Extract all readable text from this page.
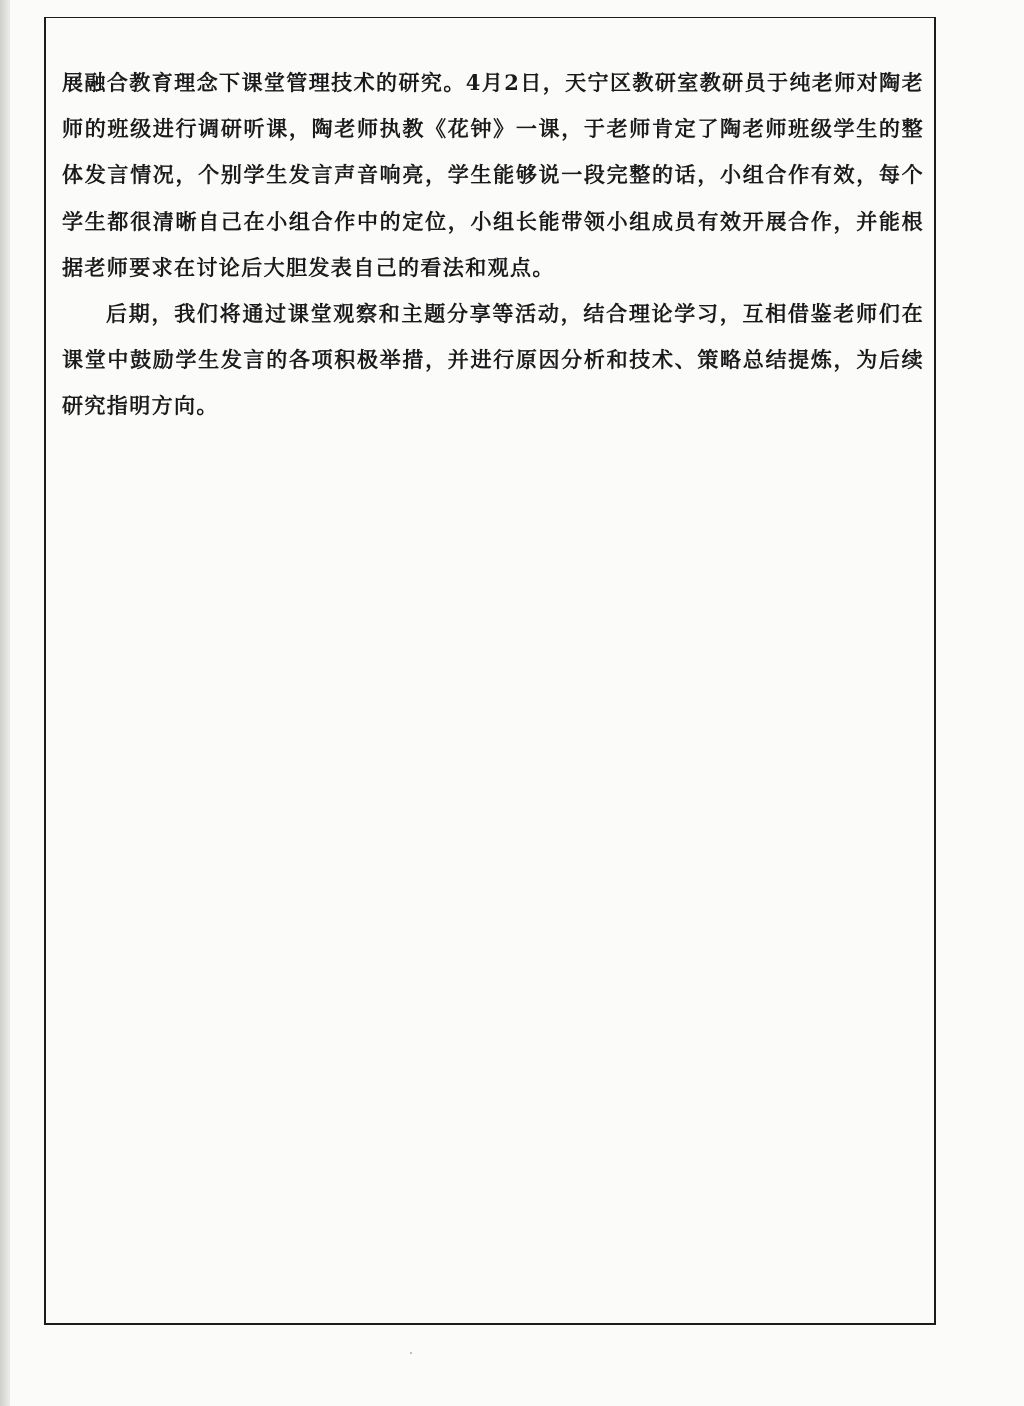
展融合教育理念下课堂管理技术的研究。4月2日，天宁区教研室教研员于纯老师对陶老师的班级进行调研听课，陶老师执教《花钟》一课，于老师肯定了陶老师班级学生的整体发言情况，个别学生发言声音响亮，学生能够说一段完整的话，小组合作有效，每个学生都很清晰自己在小组合作中的定位，小组长能带领小组成员有效开展合作，并能根据老师要求在讨论后大胆发表自己的看法和观点。

后期，我们将通过课堂观察和主题分享等活动，结合理论学习，互相借鉴老师们在课堂中鼓励学生发言的各项积极举措，并进行原因分析和技术、策略总结提炼，为后续研究指明方向。
